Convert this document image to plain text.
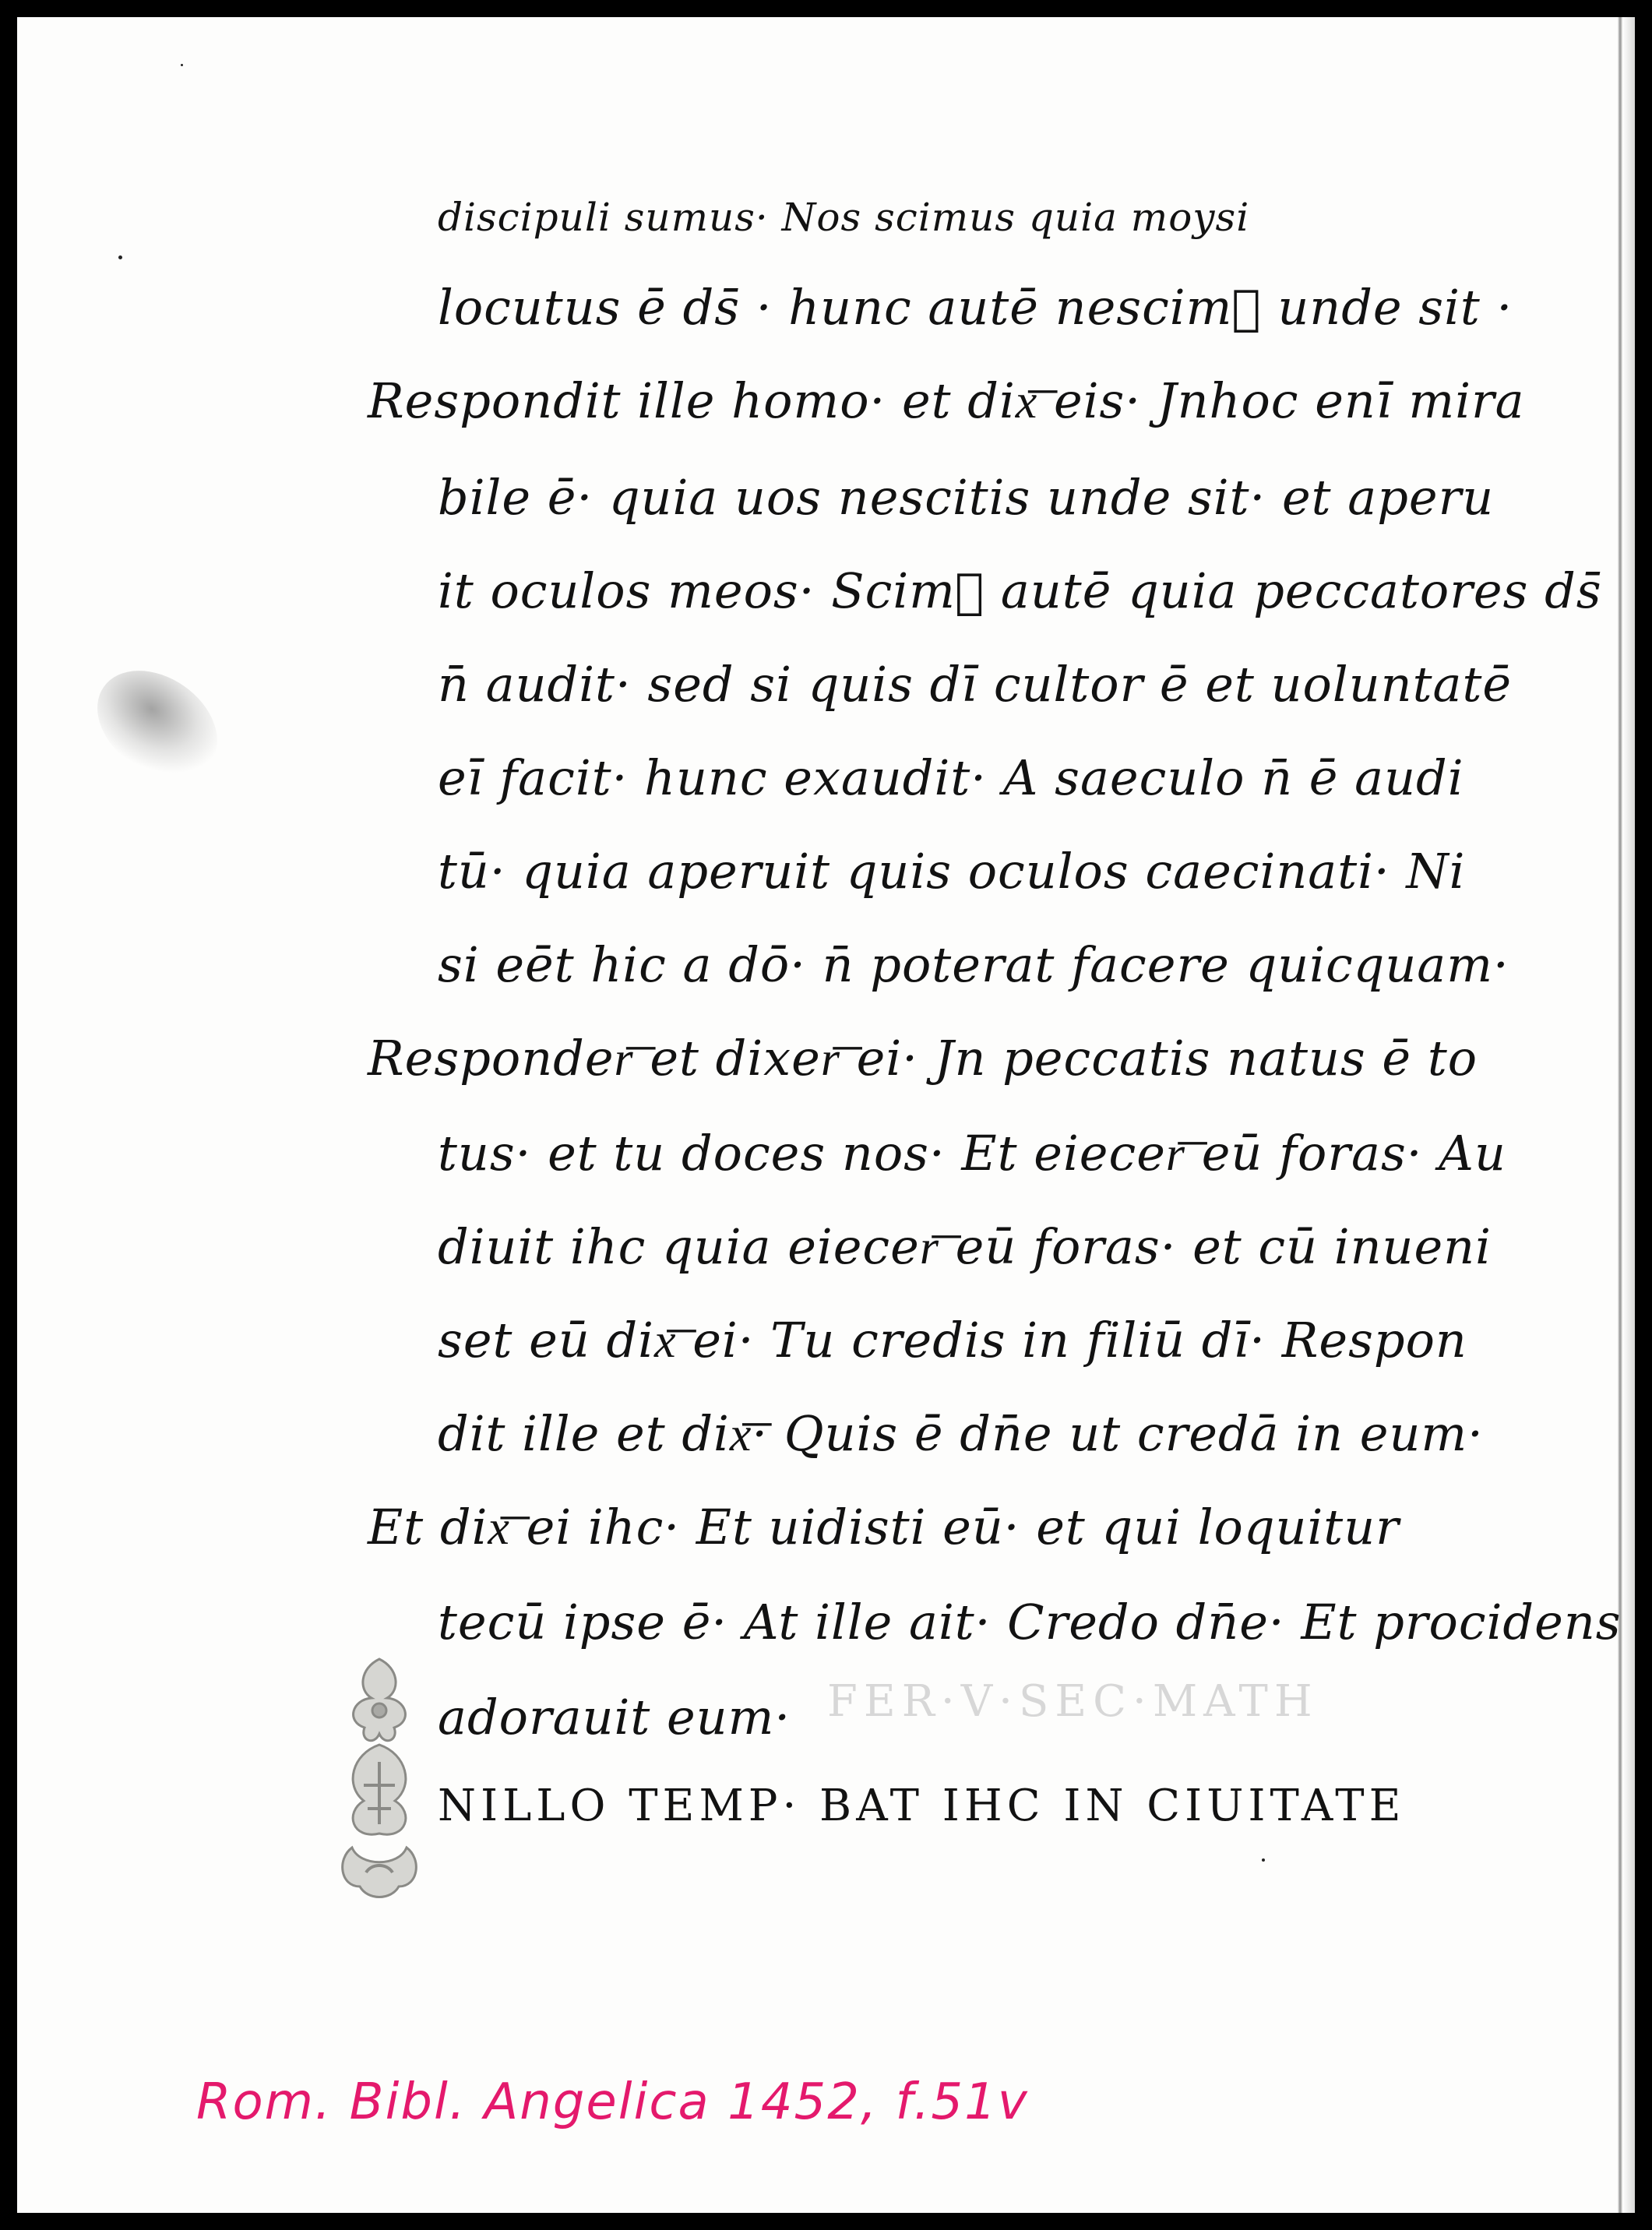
FER·V·SEC·MATH
discipuli sumus· Nos scimus quia moysi
locutus ē ds̄ · hunc autē nescim᷒ unde sit ·
Respondit ille homo· et dix͞ eis· Jnhoc enī mira
bile ē· quia uos nescitis unde sit· et aperu
it oculos meos· Scim᷒ autē quia peccatores ds̄
n̄ audit· sed si quis dī cultor ē et uoluntatē
eī facit· hunc exaudit· A saeculo n̄ ē audi
tū· quia aperuit quis oculos caecinati· Ni
si eēt hic a dō· n̄ poterat facere quicquam·
Responder͞ et dixer͞ ei· Jn peccatis natus ē to
tus· et tu doces nos· Et eiecer͞ eū foras· Au
diuit ihc quia eiecer͞ eū foras· et cū inueni
set eū dix͞ ei· Tu credis in filiū dī· Respon
dit ille et dix͞· Quis ē dn̄e ut credā in eum·
Et dix͞ ei ihc· Et uidisti eū· et qui loquitur
tecū ipse ē· At ille ait· Credo dn̄e· Et procidens
adorauit eum·
NILLO TEMP· BAT IHC IN CIUITATE
Rom. Bibl. Angelica 1452, f.51v
